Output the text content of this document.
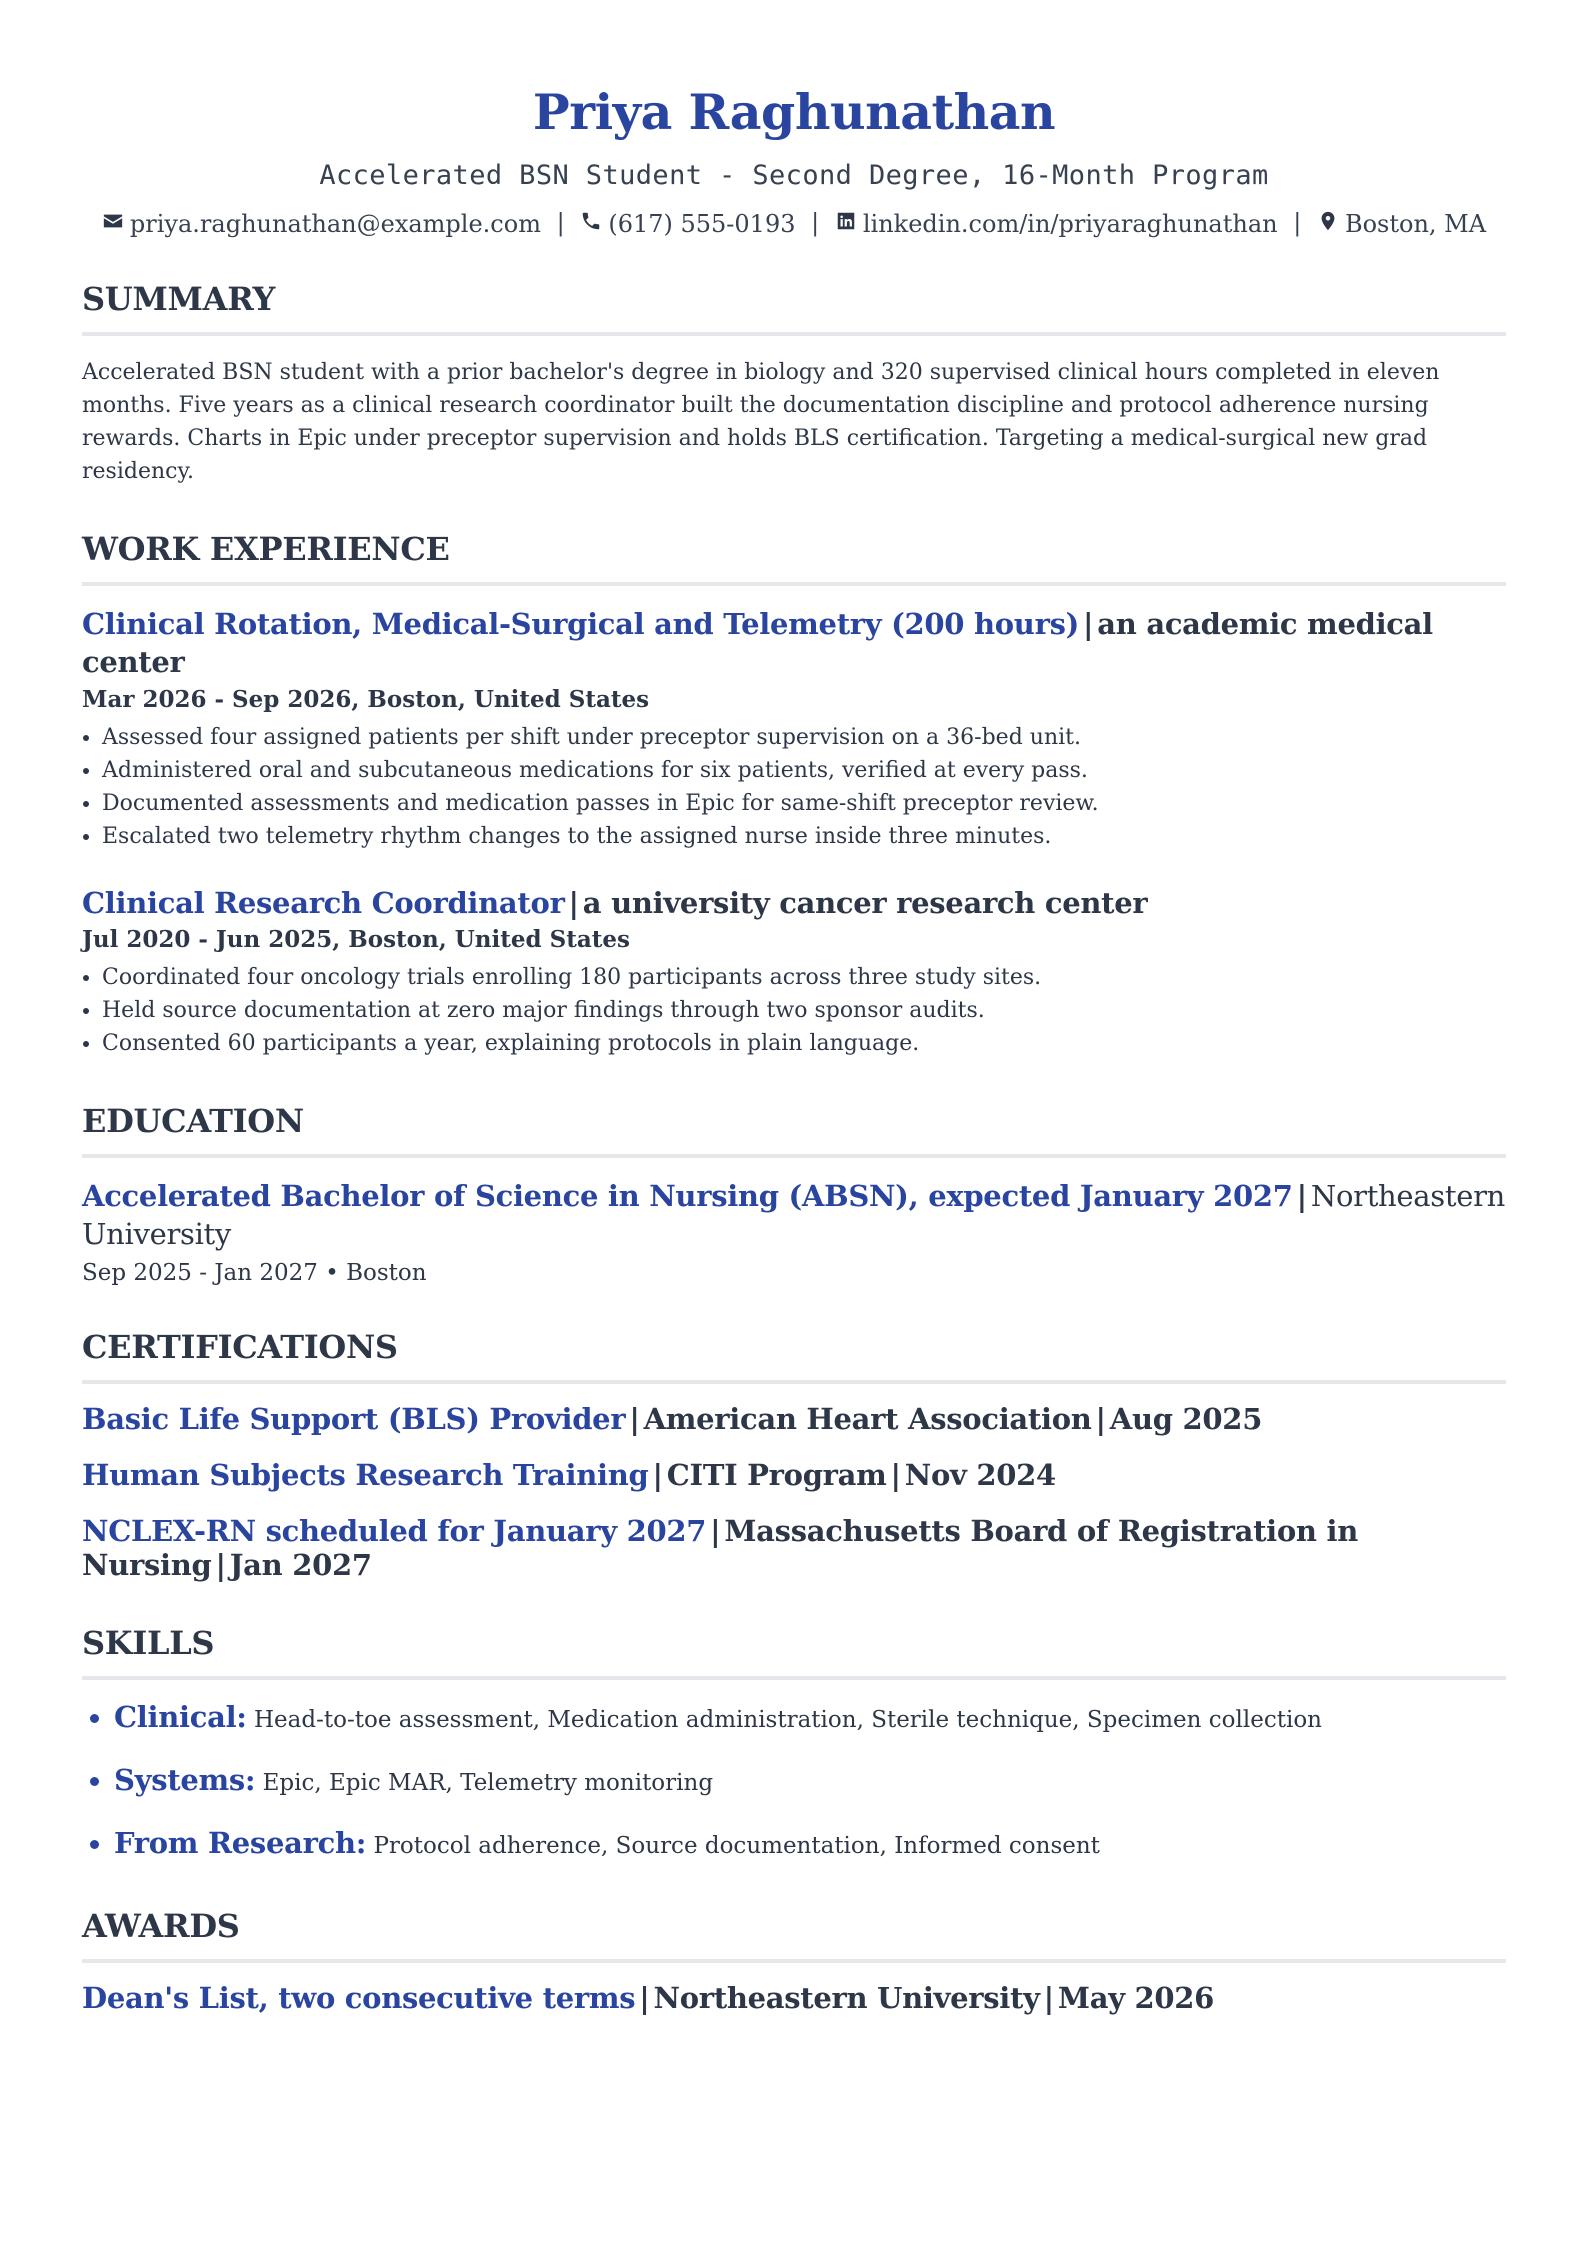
Priya Raghunathan
Accelerated BSN Student - Second Degree, 16-Month Program
priya.raghunathan@example.com | (617) 555-0193 | linkedin.com/in/priyaraghunathan | Boston, MA
SUMMARY
Accelerated BSN student with a prior bachelor's degree in biology and 320 supervised clinical hours completed in eleven months. Five years as a clinical research coordinator built the documentation discipline and protocol adherence nursing rewards. Charts in Epic under preceptor supervision and holds BLS certification. Targeting a medical-surgical new grad residency.
WORK EXPERIENCE
Clinical Rotation, Medical-Surgical and Telemetry (200 hours) | an academic medical center
Mar 2026 - Sep 2026, Boston, United States
• Assessed four assigned patients per shift under preceptor supervision on a 36-bed unit.
• Administered oral and subcutaneous medications for six patients, verified at every pass.
• Documented assessments and medication passes in Epic for same-shift preceptor review.
• Escalated two telemetry rhythm changes to the assigned nurse inside three minutes.
Clinical Research Coordinator | a university cancer research center
Jul 2020 - Jun 2025, Boston, United States
• Coordinated four oncology trials enrolling 180 participants across three study sites.
• Held source documentation at zero major findings through two sponsor audits.
• Consented 60 participants a year, explaining protocols in plain language.
EDUCATION
Accelerated Bachelor of Science in Nursing (ABSN), expected January 2027 | Northeastern University
Sep 2025 - Jan 2027 • Boston
CERTIFICATIONS
Basic Life Support (BLS) Provider | American Heart Association | Aug 2025
Human Subjects Research Training | CITI Program | Nov 2024
NCLEX-RN scheduled for January 2027 | Massachusetts Board of Registration in Nursing | Jan 2027
SKILLS
• Clinical: Head-to-toe assessment, Medication administration, Sterile technique, Specimen collection
• Systems: Epic, Epic MAR, Telemetry monitoring
• From Research: Protocol adherence, Source documentation, Informed consent
AWARDS
Dean's List, two consecutive terms | Northeastern University | May 2026
